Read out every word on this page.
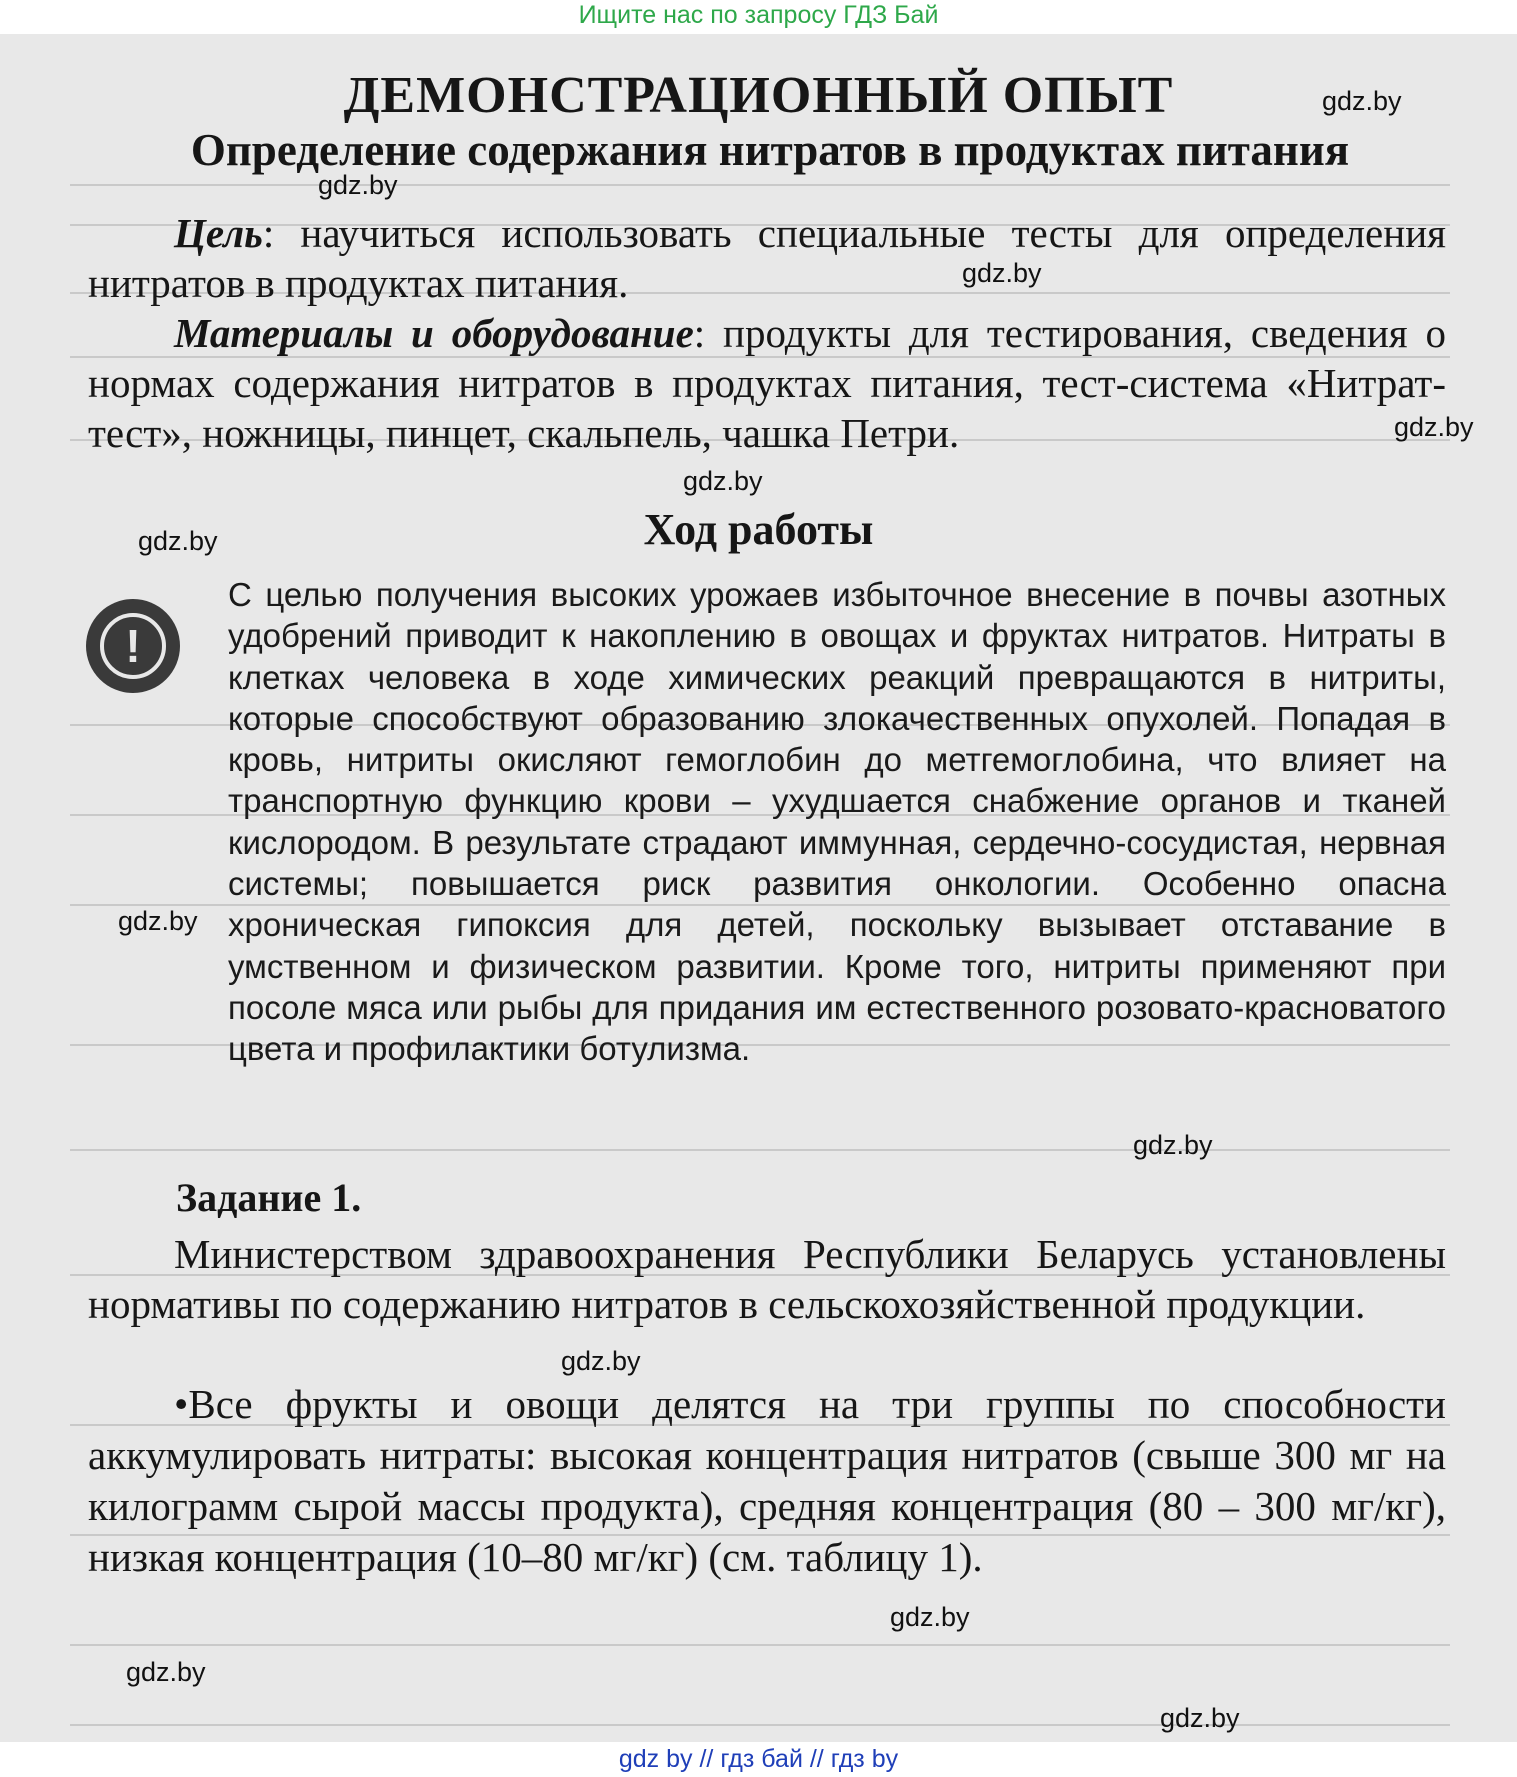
Ищите нас по запросу ГДЗ Бай
ДЕМОНСТРАЦИОННЫЙ ОПЫТ
Определение содержания нитратов в продуктах питания

Цель: научиться использовать специальные тесты для определения нитратов в продуктах питания.

Материалы и оборудование: продукты для тестирования, сведения о нормах содержания нитратов в продуктах питания, тест-система «Нитрат-тест», ножницы, пинцет, скальпель, чашка Петри.

Ход работы
!

С целью получения высоких урожаев избыточное внесение в почвы азотных удобрений приводит к накоплению в овощах и фруктах нитратов. Нитраты в клетках человека в ходе химических реакций превращаются в нитриты, которые способствуют образованию злокачественных опухолей. Попадая в кровь, нитриты окисляют гемоглобин до метгемоглобина, что влияет на транспортную функцию крови – ухудшается снабжение органов и тканей кислородом. В результате страдают иммунная, сердечно-сосудистая, нервная системы; повышается риск развития онкологии. Особенно опасна хроническая гипоксия для детей, поскольку вызывает отставание в умственном и физическом развитии. Кроме того, нитриты применяют при посоле мяса или рыбы для придания им естественного розовато-красноватого цвета и профилактики ботулизма.

Задание 1.

Министерством здравоохранения Республики Беларусь установлены нормативы по содержанию нитратов в сельскохозяйственной продукции.

•Все фрукты и овощи делятся на три группы по способности аккумулировать нитраты: высокая концентрация нитратов (свыше 300 мг на килограмм сырой массы продукта), средняя концентрация (80 – 300 мг/кг), низкая концентрация (10–80 мг/кг) (см. таблицу 1).

gdz.by
gdz.by
gdz.by
gdz.by
gdz.by
gdz.by
gdz.by
gdz.by
gdz.by
gdz.by
gdz.by
gdz.by
gdz by // гдз бай // гдз by
